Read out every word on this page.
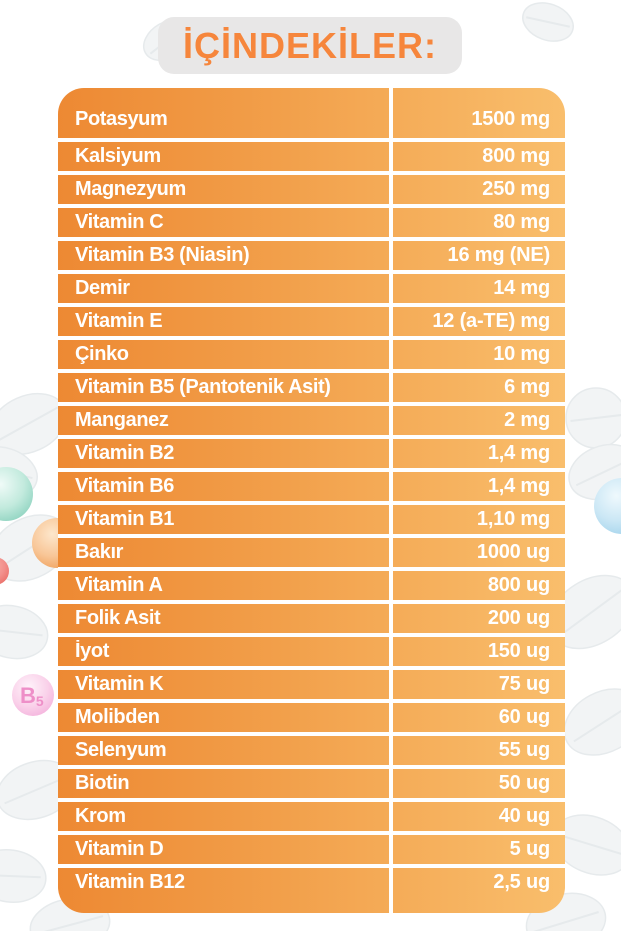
B5
İÇİNDEKİLER:
Potasyum	1500 mg
Kalsiyum	800 mg
Magnezyum	250 mg
Vitamin C	80 mg
Vitamin B3 (Niasin)	16 mg (NE)
Demir	14 mg
Vitamin E	12 (a-TE) mg
Çinko	10 mg
Vitamin B5 (Pantotenik Asit)	6 mg
Manganez	2 mg
Vitamin B2	1,4 mg
Vitamin B6	1,4 mg
Vitamin B1	1,10 mg
Bakır	1000 ug
Vitamin A	800 ug
Folik Asit	200 ug
İyot	150 ug
Vitamin K	75 ug
Molibden	60 ug
Selenyum	55 ug
Biotin	50 ug
Krom	40 ug
Vitamin D	5 ug
Vitamin B12	2,5 ug
